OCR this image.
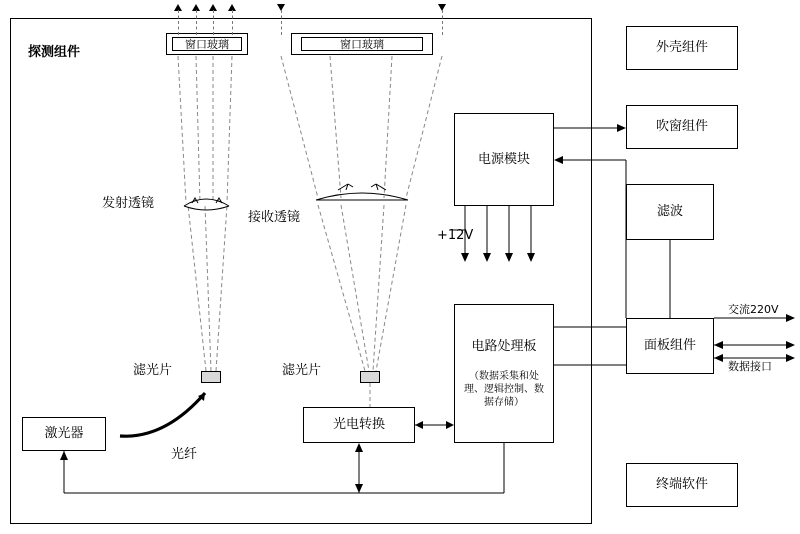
探测组件
窗口玻璃	窗口玻璃
发射透镜
接收透镜
滤光片	滤光片
光纤
激光器
光电转换
电路处理板
（数据采集和处理、逻辑控制、数据存储）
电源模块
+12V
外壳组件
吹窗组件
滤波
面板组件
终端软件
交流220V
数据接口
